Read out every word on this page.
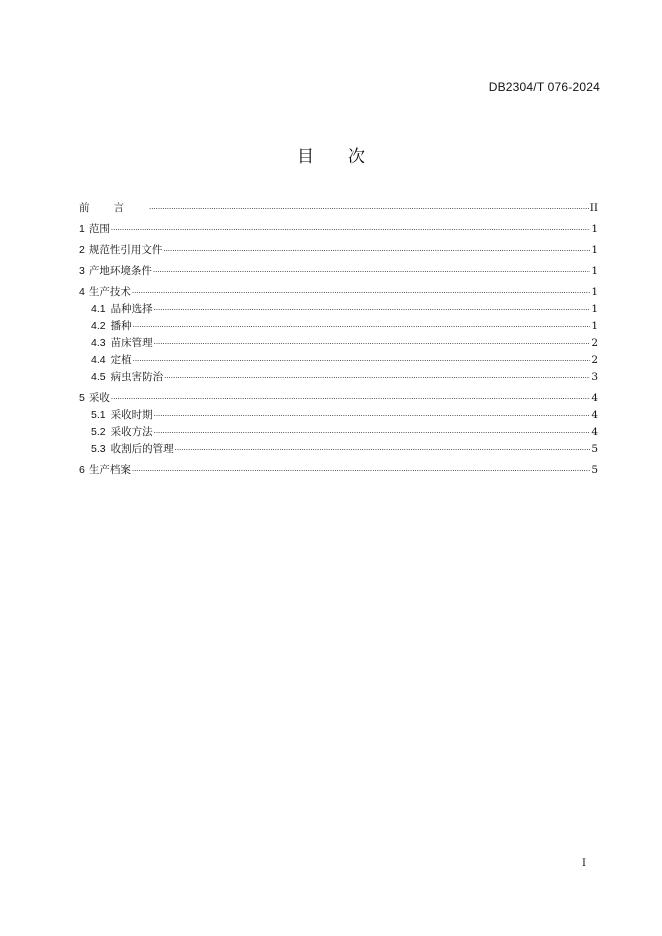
DB2304/T 076-2024
目 次
前言 ·····	II
1 范围 ·····	1
2 规范性引用文件 ·····	1
3 产地环境条件 ·····	1
4 生产技术 ·····	1
4.1 品种选择 ·····	1
4.2 播种 ·····	1
4.3 苗床管理 ·····	2
4.4 定植 ·····	2
4.5 病虫害防治 ·····	3
5 采收 ·····	4
5.1 采收时期 ·····	4
5.2 采收方法 ·····	4
5.3 收割后的管理 ·····	5
6 生产档案 ·····	5
I
